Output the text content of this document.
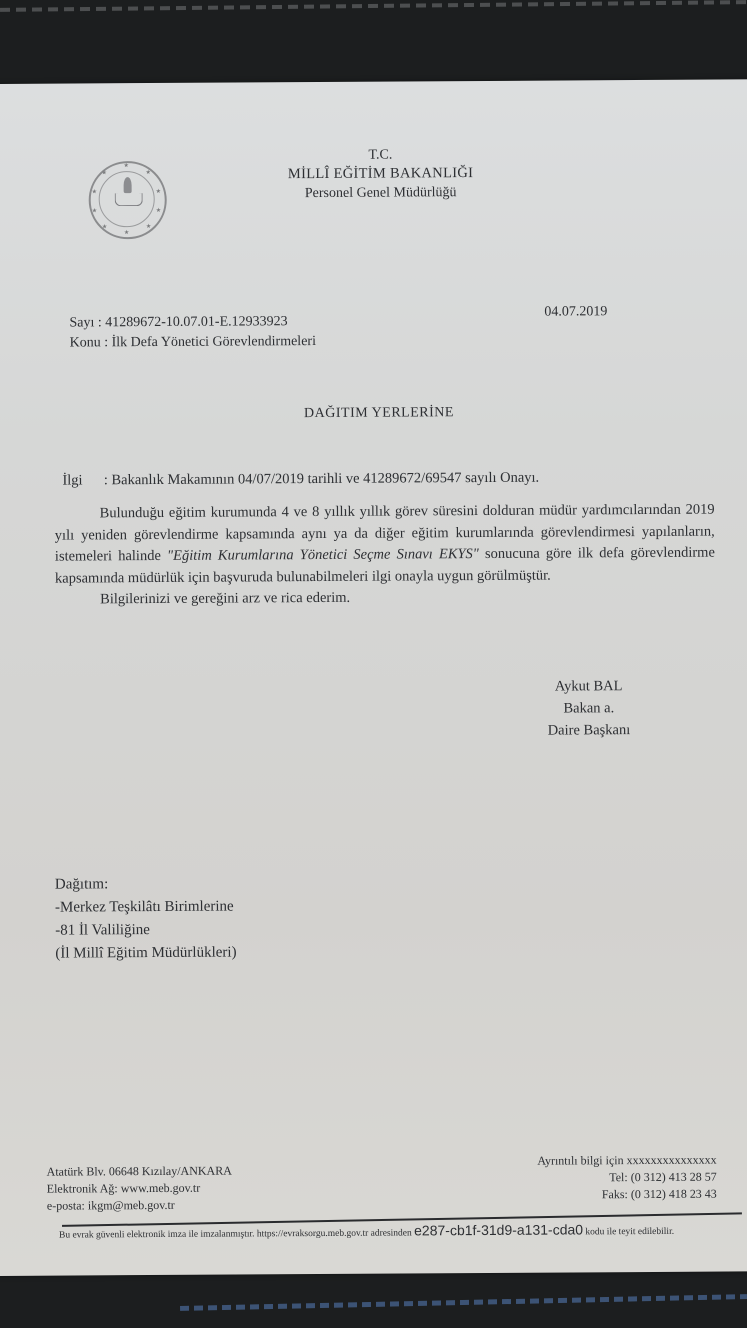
★
★
★
★
★
★
★
★
★
★
T.C.
MİLLÎ EĞİTİM BAKANLIĞI
Personel Genel Müdürlüğü
Sayı : 41289672-10.07.01-E.12933923
Konu : İlk Defa Yönetici Görevlendirmeleri
04.07.2019
DAĞITIM YERLERİNE
İlgi : Bakanlık Makamının 04/07/2019 tarihli ve 41289672/69547 sayılı Onayı.

Bulunduğu eğitim kurumunda 4 ve 8 yıllık yıllık görev süresini dolduran müdür yardımcılarından 2019 yılı yeniden görevlendirme kapsamında aynı ya da diğer eğitim kurumlarında görevlendirmesi yapılanların, istemeleri halinde "Eğitim Kurumlarına Yönetici Seçme Sınavı EKYS" sonucuna göre ilk defa görevlendirme kapsamında müdürlük için başvuruda bulunabilmeleri ilgi onayla uygun görülmüştür.

Bilgilerinizi ve gereğini arz ve rica ederim.

Aykut BAL
Bakan a.
Daire Başkanı
Dağıtım:
-Merkez Teşkilâtı Birimlerine
-81 İl Valiliğine
(İl Millî Eğitim Müdürlükleri)
Atatürk Blv. 06648 Kızılay/ANKARA
Elektronik Ağ: www.meb.gov.tr
e-posta: ikgm@meb.gov.tr
Ayrıntılı bilgi için xxxxxxxxxxxxxxx
Tel: (0 312) 413 28 57
Faks: (0 312) 418 23 43
Bu evrak güvenli elektronik imza ile imzalanmıştır. https://evraksorgu.meb.gov.tr adresinden e287-cb1f-31d9-a131-cda0 kodu ile teyit edilebilir.
